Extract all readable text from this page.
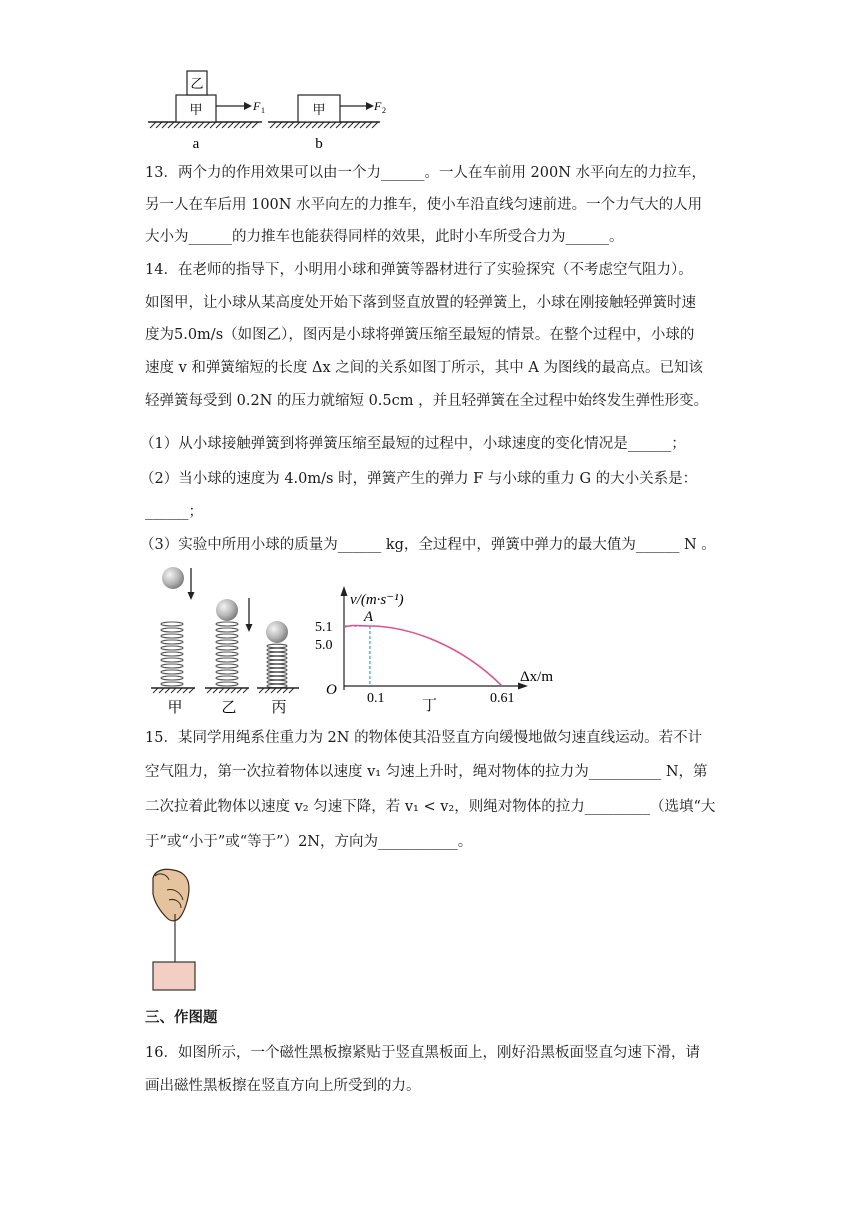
甲
乙
F 1
a
甲	F 2
b
13．两个力的作用效果可以由一个力______。一人在车前用 200N 水平向左的力拉车，
另一人在车后用 100N 水平向左的力推车，使小车沿直线匀速前进。一个力气大的人用
大小为______的力推车也能获得同样的效果，此时小车所受合力为______。
14．在老师的指导下，小明用小球和弹簧等器材进行了实验探究（不考虑空气阻力）。
如图甲，让小球从某高度处开始下落到竖直放置的轻弹簧上，小球在刚接触轻弹簧时速
度为5.0m/s（如图乙），图丙是小球将弹簧压缩至最短的情景。在整个过程中，小球的
速度 v 和弹簧缩短的长度 Δx 之间的关系如图丁所示，其中 A 为图线的最高点。已知该
轻弹簧每受到 0.2N 的压力就缩短 0.5cm ，并且轻弹簧在全过程中始终发生弹性形变。
（1）从小球接触弹簧到将弹簧压缩至最短的过程中，小球速度的变化情况是______；
（2）当小球的速度为 4.0m/s 时，弹簧产生的弹力 F 与小球的重力 G 的大小关系是：
______；
（3）实验中所用小球的质量为______ kg，全过程中，弹簧中弹力的最大值为______ N 。
甲	乙 丙
v/(m·s⁻¹)
Δx/m
O
5.1
5.0
0.1	0.61
丁
A
15．某同学用绳系住重力为 2N 的物体使其沿竖直方向缓慢地做匀速直线运动。若不计
空气阻力，第一次拉着物体以速度 v₁ 匀速上升时，绳对物体的拉力为__________ N，第
二次拉着此物体以速度 v₂ 匀速下降，若 v₁ < v₂，则绳对物体的拉力_________（选填“大
于”或“小于”或“等于”）2N，方向为___________。
三、作图题
16．如图所示，一个磁性黑板擦紧贴于竖直黑板面上，刚好沿黑板面竖直匀速下滑，请
画出磁性黑板擦在竖直方向上所受到的力。
